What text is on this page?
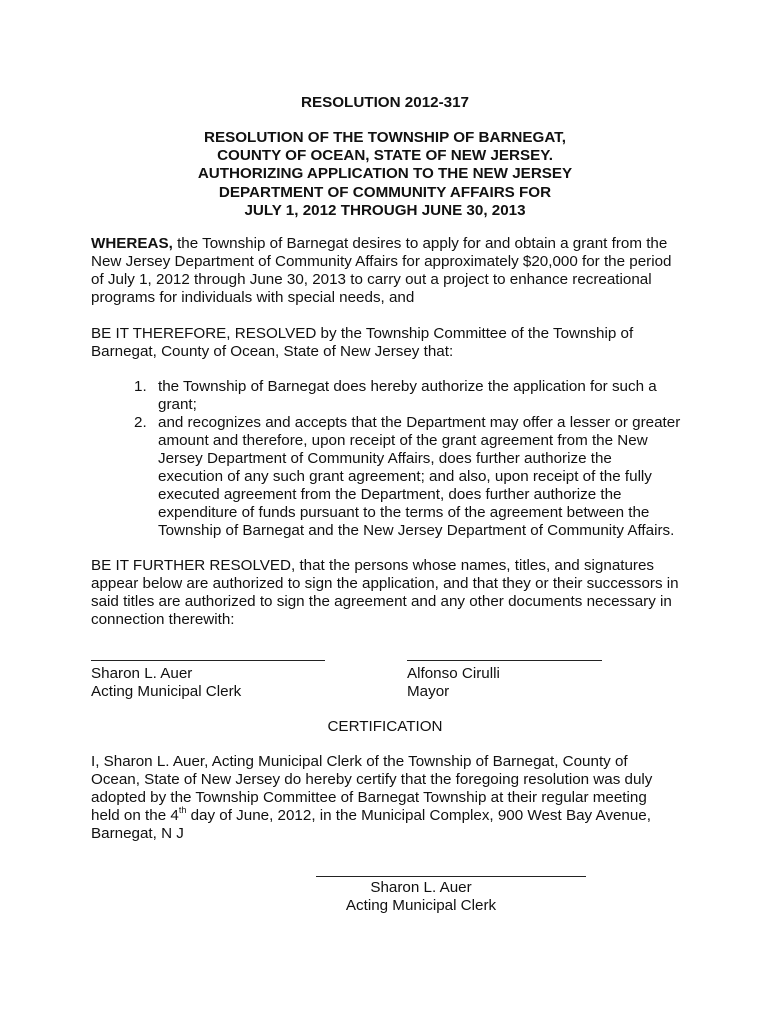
RESOLUTION 2012-317
RESOLUTION OF THE TOWNSHIP OF BARNEGAT,
COUNTY OF OCEAN, STATE OF NEW JERSEY.
AUTHORIZING APPLICATION TO THE NEW JERSEY
DEPARTMENT OF COMMUNITY AFFAIRS FOR
JULY 1, 2012 THROUGH JUNE 30, 2013
WHEREAS, the Township of Barnegat desires to apply for and obtain a grant from the
New Jersey Department of Community Affairs for approximately $20,000 for the period
of July 1, 2012 through June 30, 2013 to carry out a project to enhance recreational
programs for individuals with special needs, and
BE IT THEREFORE, RESOLVED by the Township Committee of the Township of
Barnegat, County of Ocean, State of New Jersey that:
1. the Township of Barnegat does hereby authorize the application for such a
grant;
2. and recognizes and accepts that the Department may offer a lesser or greater
amount and therefore, upon receipt of the grant agreement from the New
Jersey Department of Community Affairs, does further authorize the
execution of any such grant agreement; and also, upon receipt of the fully
executed agreement from the Department, does further authorize the
expenditure of funds pursuant to the terms of the agreement between the
Township of Barnegat and the New Jersey Department of Community Affairs.
BE IT FURTHER RESOLVED, that the persons whose names, titles, and signatures
appear below are authorized to sign the application, and that they or their successors in
said titles are authorized to sign the agreement and any other documents necessary in
connection therewith:
Sharon L. Auer
Acting Municipal Clerk
Alfonso Cirulli
Mayor
CERTIFICATION
I, Sharon L. Auer, Acting Municipal Clerk of the Township of Barnegat, County of
Ocean, State of New Jersey do hereby certify that the foregoing resolution was duly
adopted by the Township Committee of Barnegat Township at their regular meeting
held on the 4th day of June, 2012, in the Municipal Complex, 900 West Bay Avenue,
Barnegat, N J
Sharon L. Auer
Acting Municipal Clerk
